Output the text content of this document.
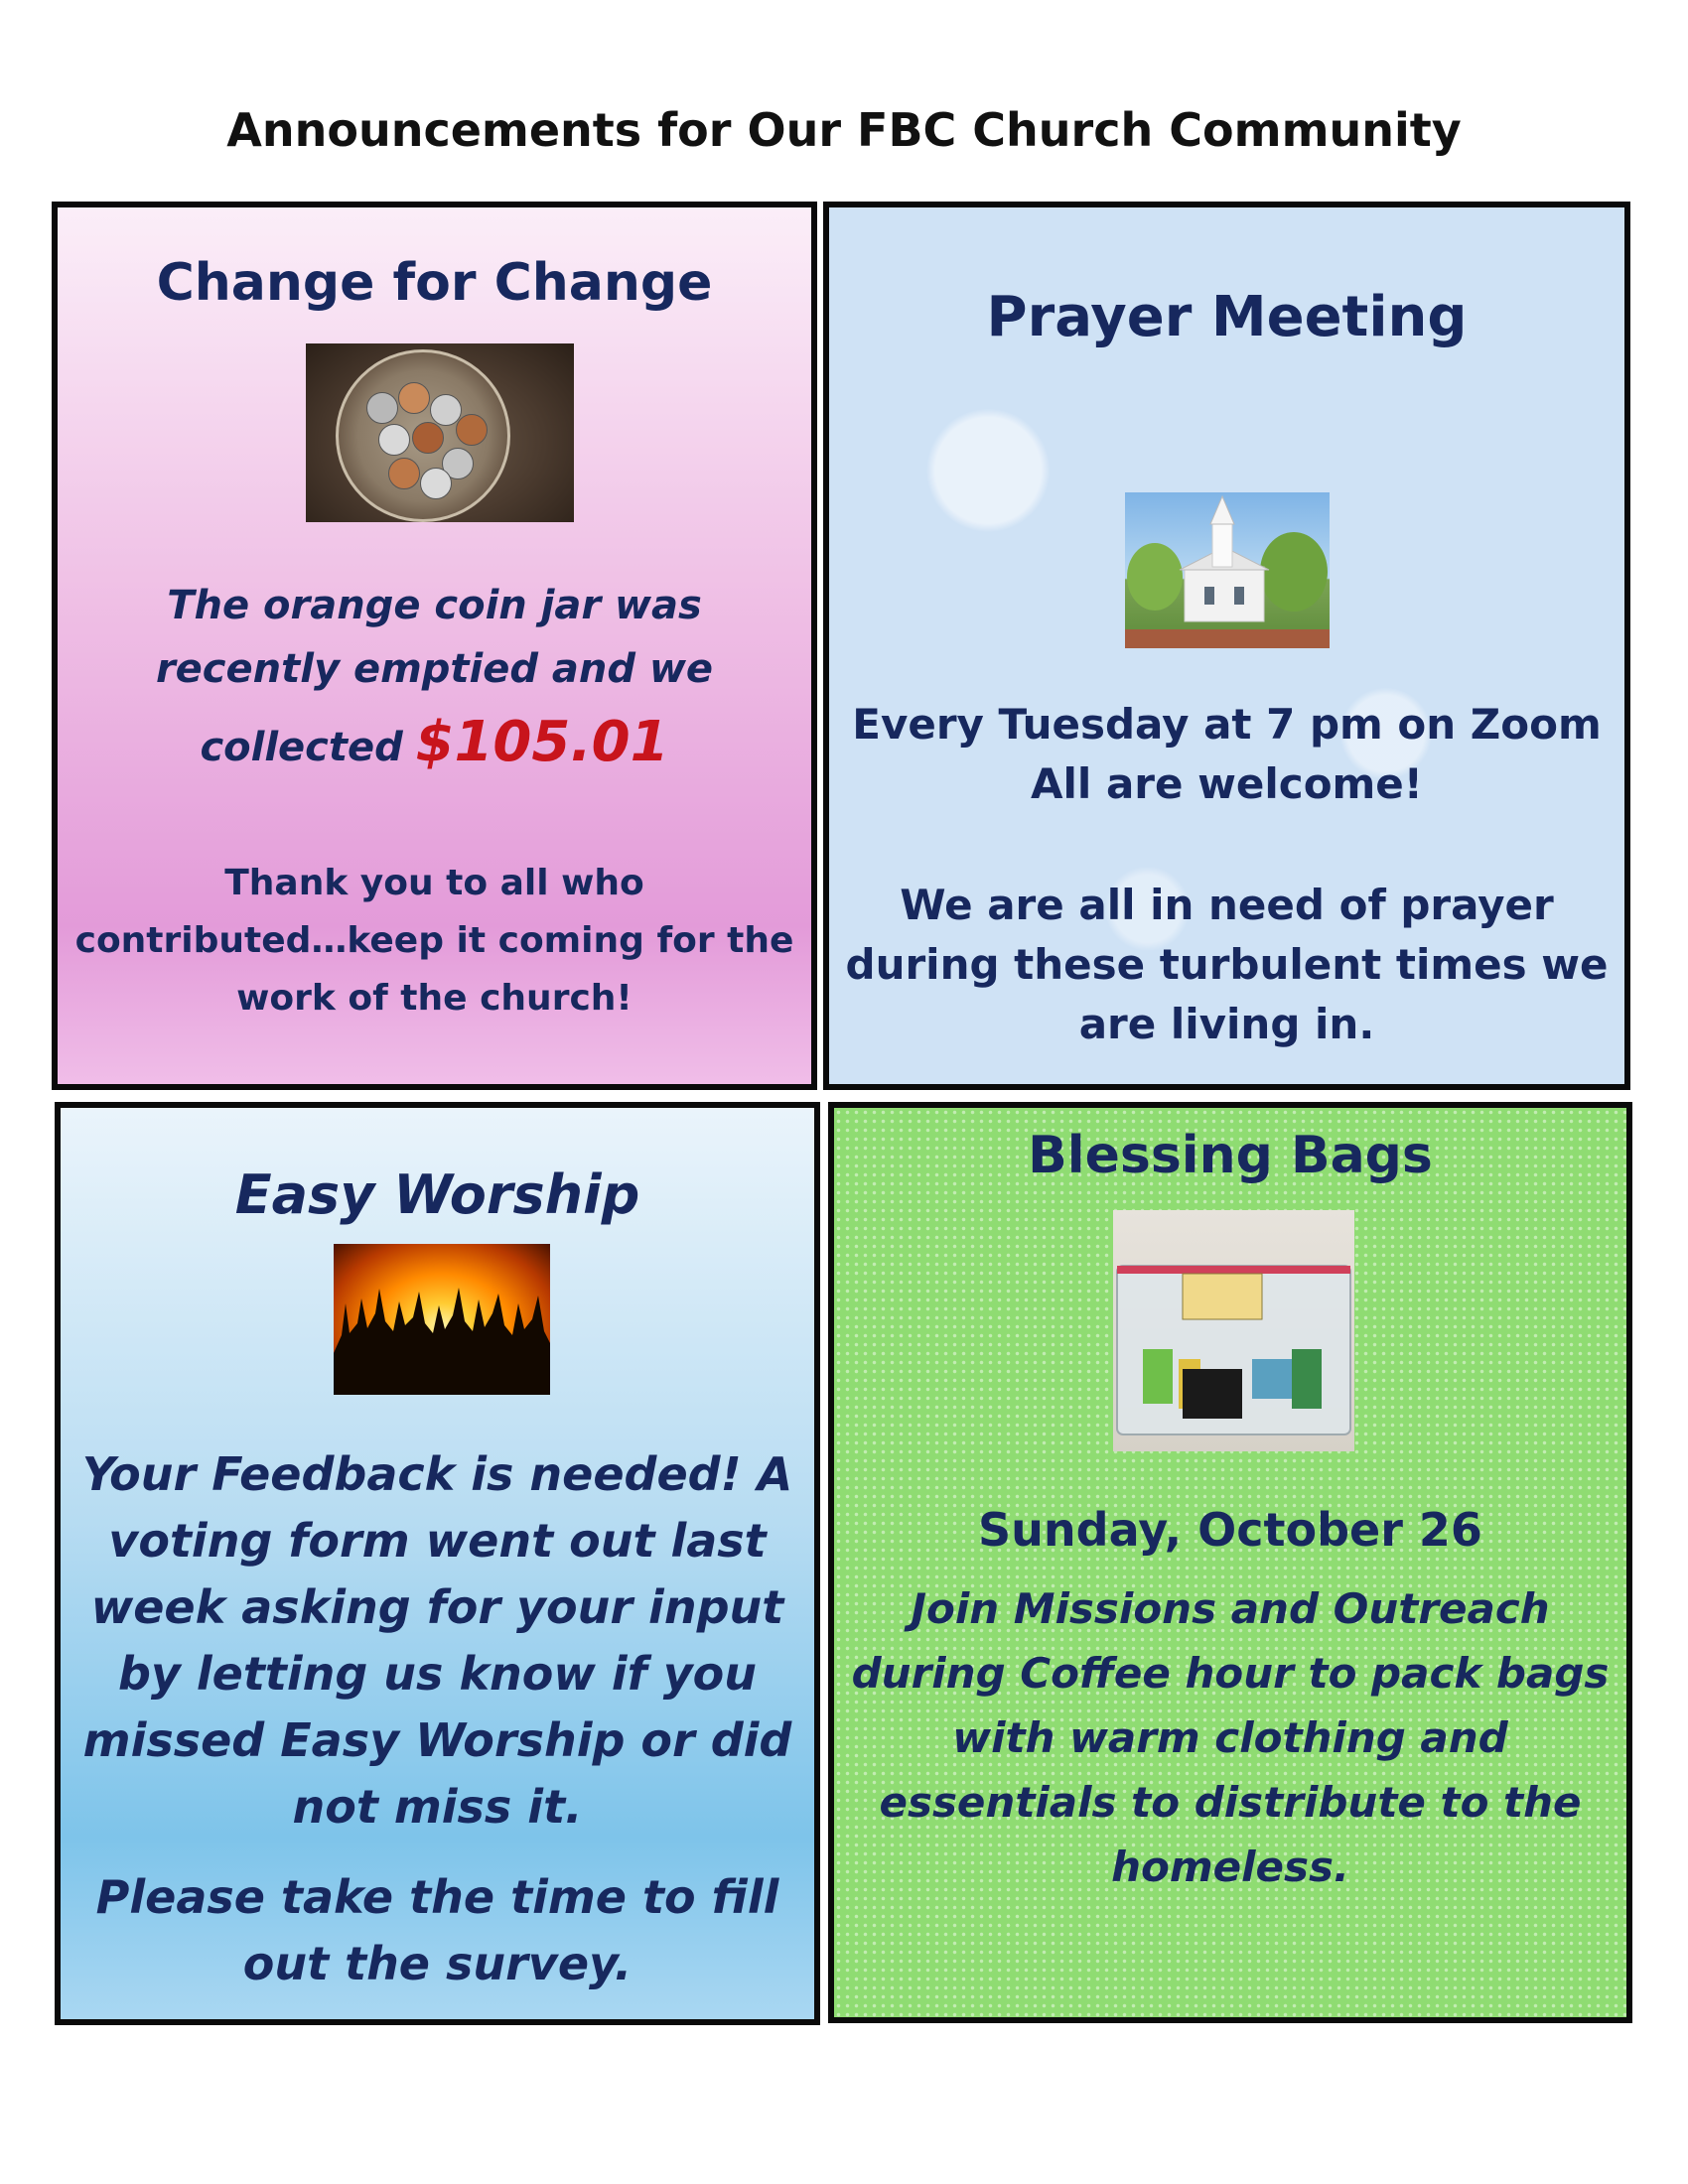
Announcements for Our FBC Church Community
Change for Change
The orange coin jar was
recently emptied and we
collected $105.01
Thank you to all who
contributed…keep it coming for the
work of the church!
Prayer Meeting
Every Tuesday at 7 pm on Zoom
All are welcome!
We are all in need of prayer
during these turbulent times we
are living in.
Easy Worship
Your Feedback is needed! A
voting form went out last
week asking for your input
by letting us know if you
missed Easy Worship or did
not miss it.
Please take the time to fill
out the survey.
Blessing Bags
Sunday, October 26
Join Missions and Outreach
during Coffee hour to pack bags
with warm clothing and
essentials to distribute to the
homeless.
